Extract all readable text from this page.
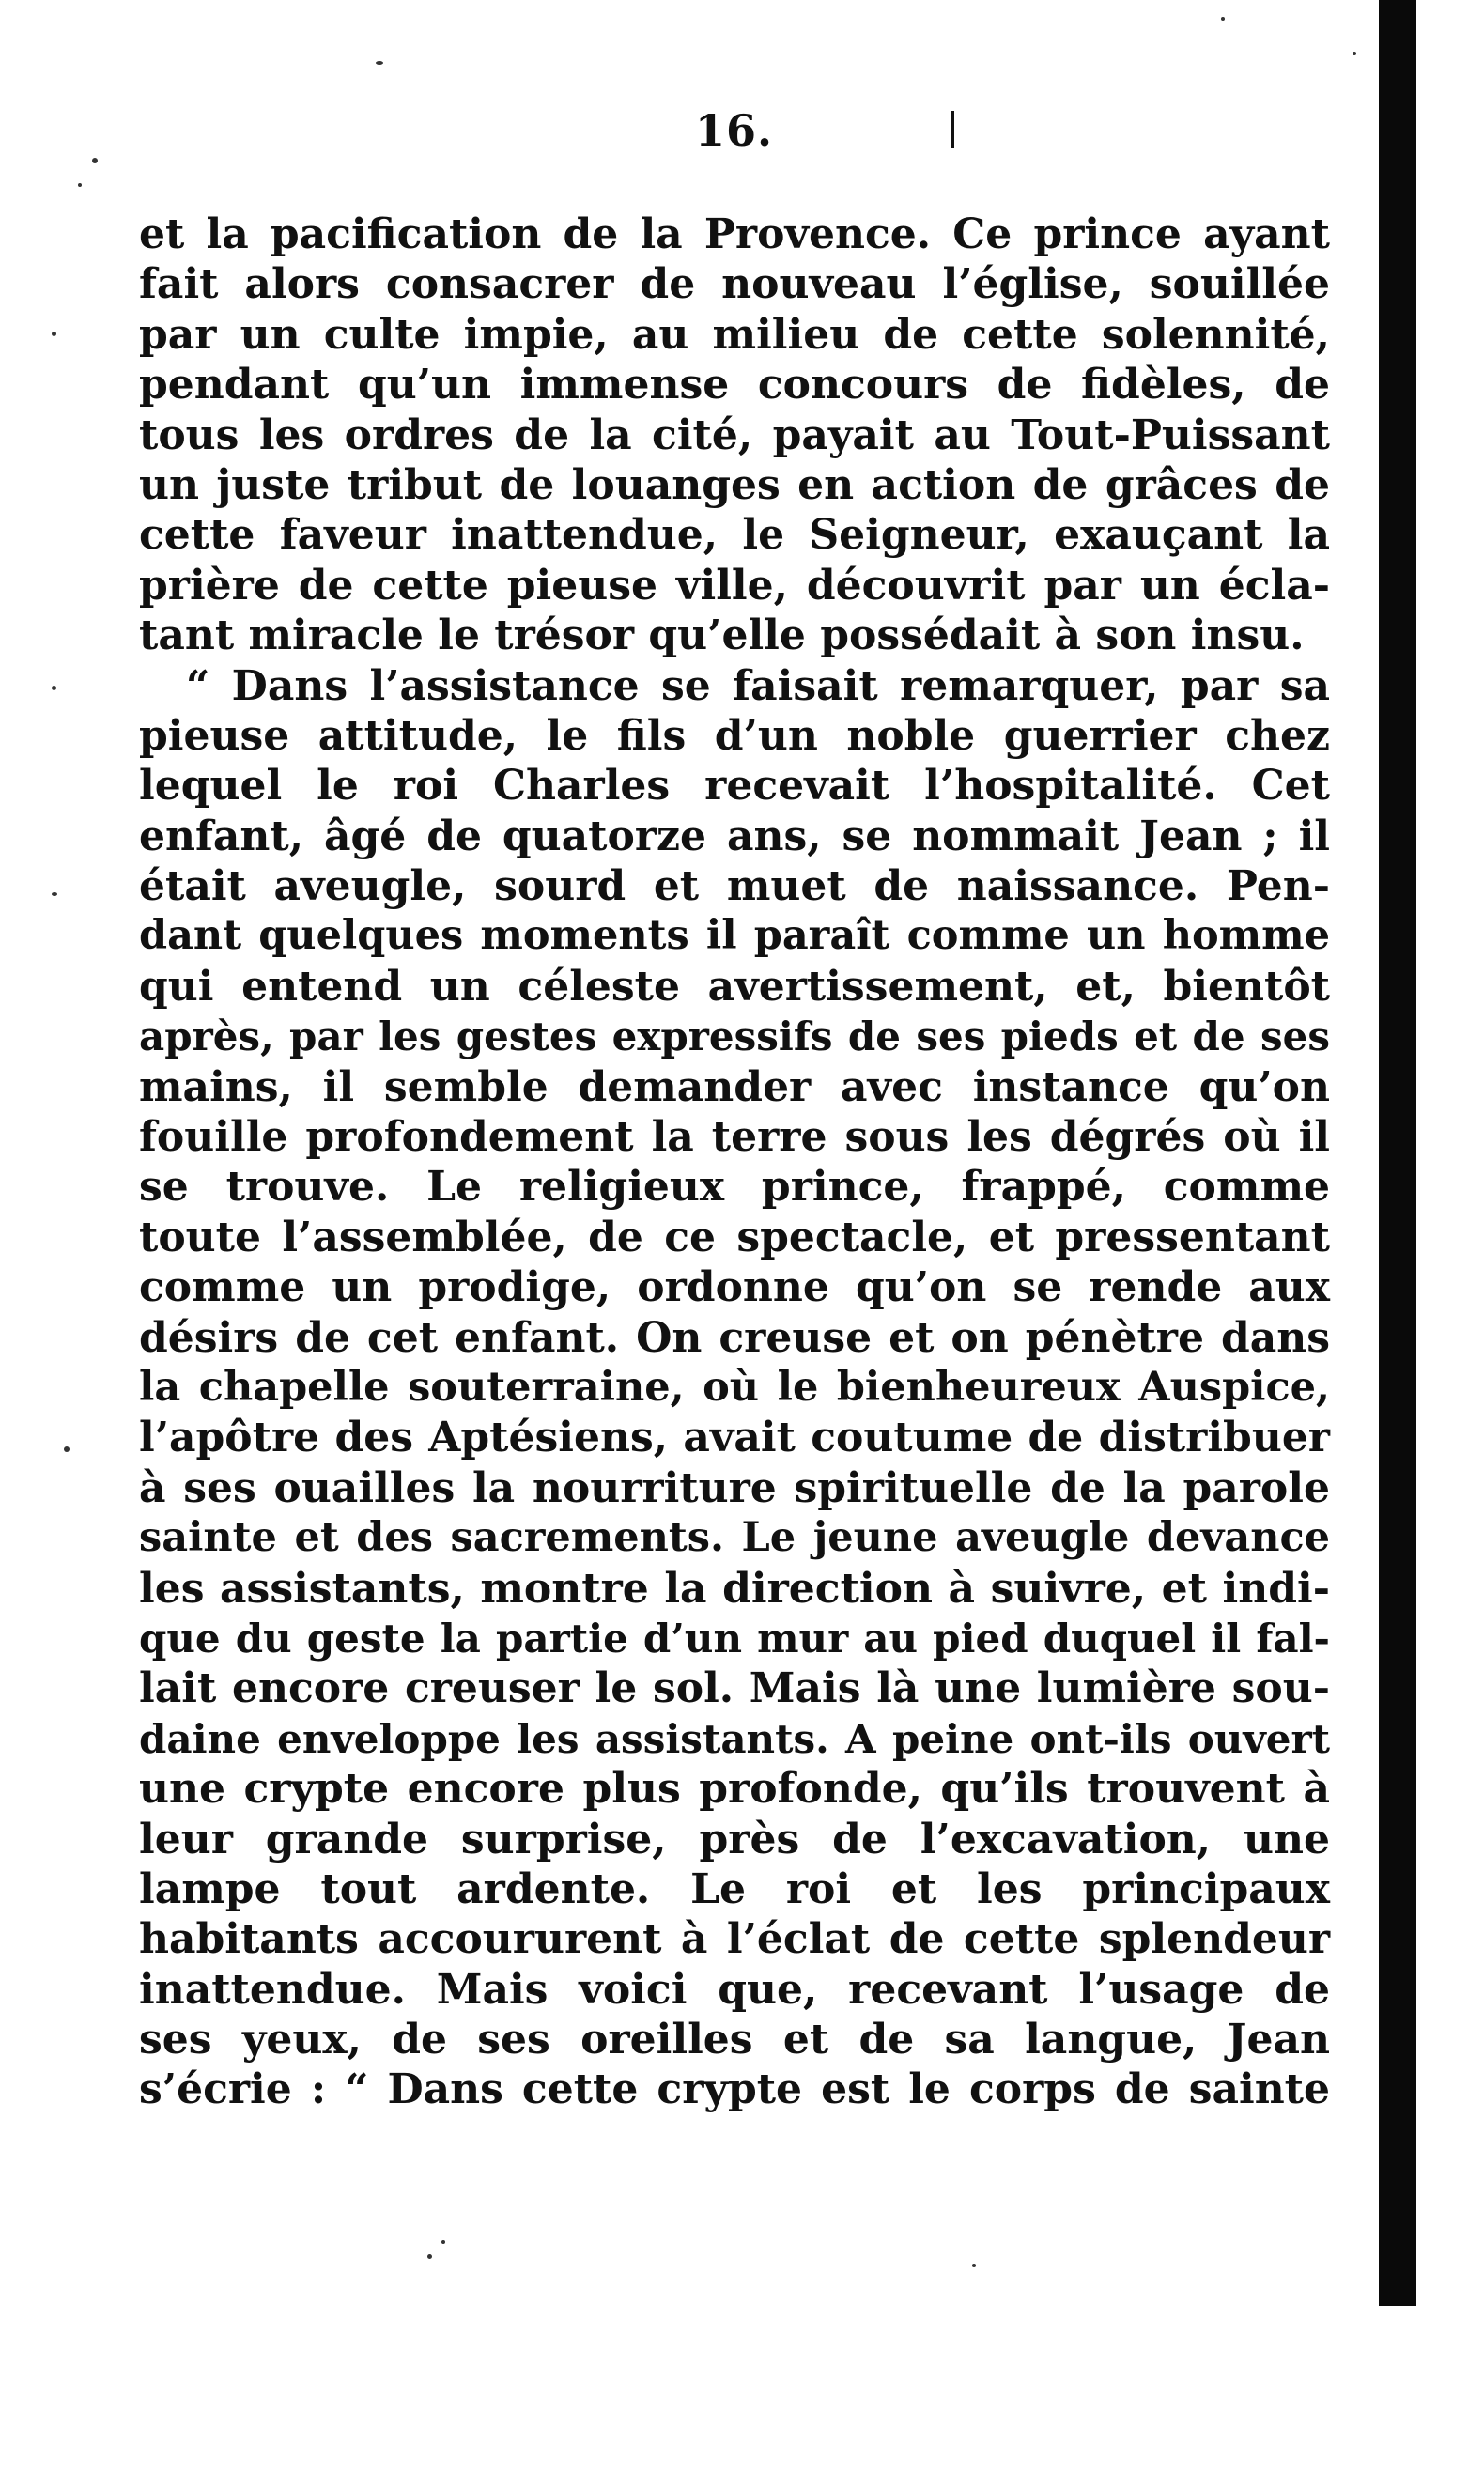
16.
et la pacification de la Provence. Ce prince ayant
fait alors consacrer de nouveau l’église, souillée
par un culte impie, au milieu de cette solennité,
pendant qu’un immense concours de fidèles, de
tous les ordres de la cité, payait au Tout-Puissant
un juste tribut de louanges en action de grâces de
cette faveur inattendue, le Seigneur, exauçant la
prière de cette pieuse ville, découvrit par un écla-
tant miracle le trésor qu’elle possédait à son insu.
“ Dans l’assistance se faisait remarquer, par sa
pieuse attitude, le fils d’un noble guerrier chez
lequel le roi Charles recevait l’hospitalité. Cet
enfant, âgé de quatorze ans, se nommait Jean ; il
était aveugle, sourd et muet de naissance. Pen-
dant quelques moments il paraît comme un homme
qui entend un céleste avertissement, et, bientôt
après, par les gestes expressifs de ses pieds et de ses
mains, il semble demander avec instance qu’on
fouille profondement la terre sous les dégrés où il
se trouve. Le religieux prince, frappé, comme
toute l’assemblée, de ce spectacle, et pressentant
comme un prodige, ordonne qu’on se rende aux
désirs de cet enfant. On creuse et on pénètre dans
la chapelle souterraine, où le bienheureux Auspice,
l’apôtre des Aptésiens, avait coutume de distribuer
à ses ouailles la nourriture spirituelle de la parole
sainte et des sacrements. Le jeune aveugle devance
les assistants, montre la direction à suivre, et indi-
que du geste la partie d’un mur au pied duquel il fal-
lait encore creuser le sol. Mais là une lumière sou-
daine enveloppe les assistants. A peine ont-ils ouvert
une crypte encore plus profonde, qu’ils trouvent à
leur grande surprise, près de l’excavation, une
lampe tout ardente. Le roi et les principaux
habitants accoururent à l’éclat de cette splendeur
inattendue. Mais voici que, recevant l’usage de
ses yeux, de ses oreilles et de sa langue, Jean
s’écrie : “ Dans cette crypte est le corps de sainte
